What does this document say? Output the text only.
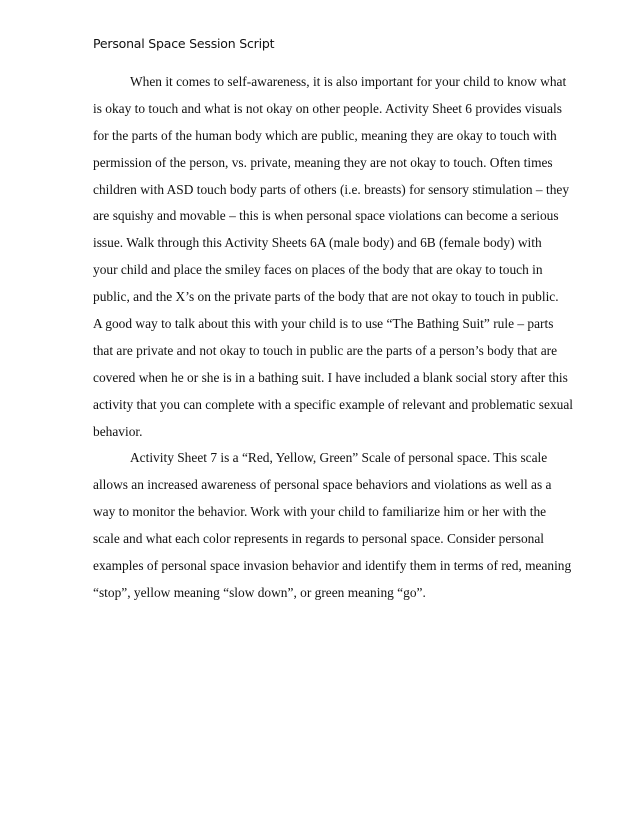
Personal Space Session Script
When it comes to self-awareness, it is also important for your child to know what
is okay to touch and what is not okay on other people. Activity Sheet 6 provides visuals
for the parts of the human body which are public, meaning they are okay to touch with
permission of the person, vs. private, meaning they are not okay to touch. Often times
children with ASD touch body parts of others (i.e. breasts) for sensory stimulation – they
are squishy and movable – this is when personal space violations can become a serious
issue. Walk through this Activity Sheets 6A (male body) and 6B (female body) with
your child and place the smiley faces on places of the body that are okay to touch in
public, and the X’s on the private parts of the body that are not okay to touch in public.
A good way to talk about this with your child is to use “The Bathing Suit” rule – parts
that are private and not okay to touch in public are the parts of a person’s body that are
covered when he or she is in a bathing suit. I have included a blank social story after this
activity that you can complete with a specific example of relevant and problematic sexual
behavior.
Activity Sheet 7 is a “Red, Yellow, Green” Scale of personal space. This scale
allows an increased awareness of personal space behaviors and violations as well as a
way to monitor the behavior. Work with your child to familiarize him or her with the
scale and what each color represents in regards to personal space. Consider personal
examples of personal space invasion behavior and identify them in terms of red, meaning
“stop”, yellow meaning “slow down”, or green meaning “go”.
